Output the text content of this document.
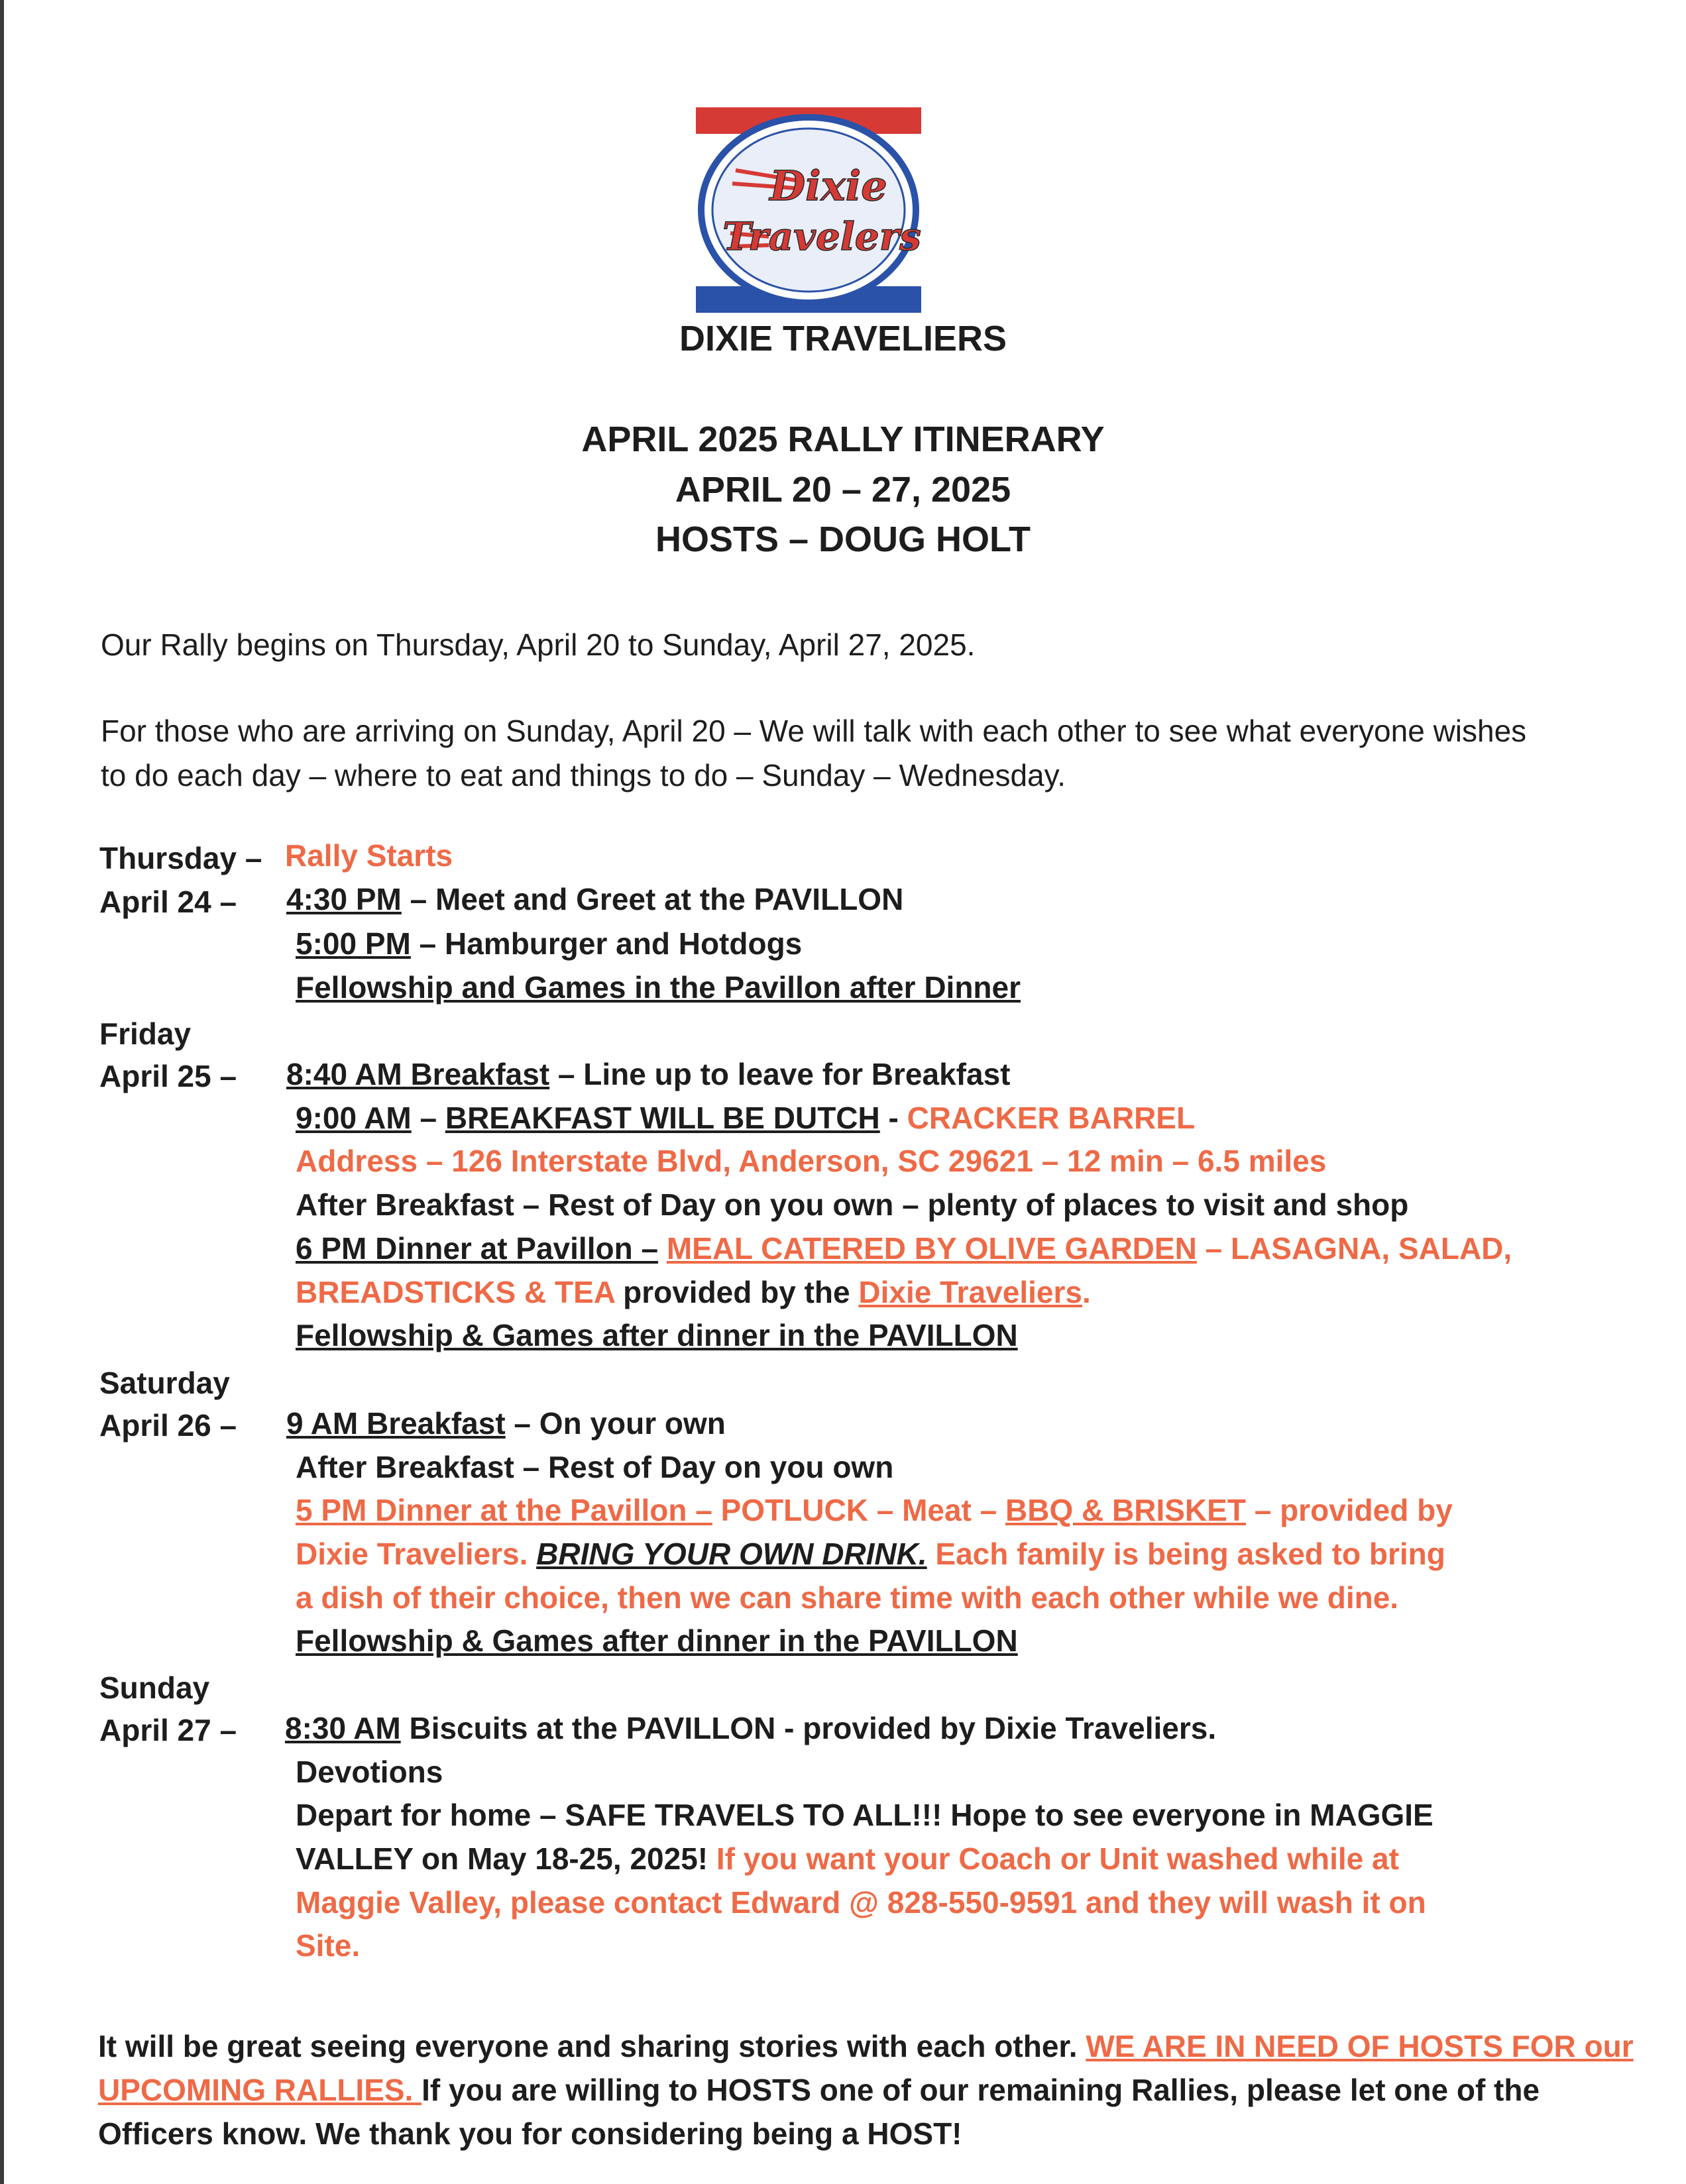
Dixie
Travelers
DIXIE TRAVELIERS
APRIL 2025 RALLY ITINERARY
APRIL 20 – 27, 2025
HOSTS – DOUG HOLT
Our Rally begins on Thursday, April 20 to Sunday, April 27, 2025.
For those who are arriving on Sunday, April 20 – We will talk with each other to see what everyone wishes to do each day – where to eat and things to do – Sunday – Wednesday.
Thursday – Rally Starts
April 24 – 4:30 PM – Meet and Greet at the PAVILLON
5:00 PM – Hamburger and Hotdogs
Fellowship and Games in the Pavillon after Dinner
Friday
April 25 – 8:40 AM Breakfast – Line up to leave for Breakfast
9:00 AM – BREAKFAST WILL BE DUTCH - CRACKER BARREL
Address – 126 Interstate Blvd, Anderson, SC 29621 – 12 min – 6.5 miles
After Breakfast – Rest of Day on you own – plenty of places to visit and shop
6 PM Dinner at Pavillon – MEAL CATERED BY OLIVE GARDEN – LASAGNA, SALAD,
BREADSTICKS & TEA provided by the Dixie Traveliers.
Fellowship & Games after dinner in the PAVILLON
Saturday
April 26 – 9 AM Breakfast – On your own
After Breakfast – Rest of Day on you own
5 PM Dinner at the Pavillon – POTLUCK – Meat – BBQ & BRISKET – provided by
Dixie Traveliers. BRING YOUR OWN DRINK. Each family is being asked to bring
a dish of their choice, then we can share time with each other while we dine.
Fellowship & Games after dinner in the PAVILLON
Sunday
April 27 – 8:30 AM Biscuits at the PAVILLON - provided by Dixie Traveliers.
Devotions
Depart for home – SAFE TRAVELS TO ALL!!! Hope to see everyone in MAGGIE
VALLEY on May 18-25, 2025! If you want your Coach or Unit washed while at
Maggie Valley, please contact Edward @ 828-550-9591 and they will wash it on
Site.
It will be great seeing everyone and sharing stories with each other. WE ARE IN NEED OF HOSTS FOR our UPCOMING RALLIES. If you are willing to HOSTS one of our remaining Rallies, please let one of the Officers know. We thank you for considering being a HOST!
